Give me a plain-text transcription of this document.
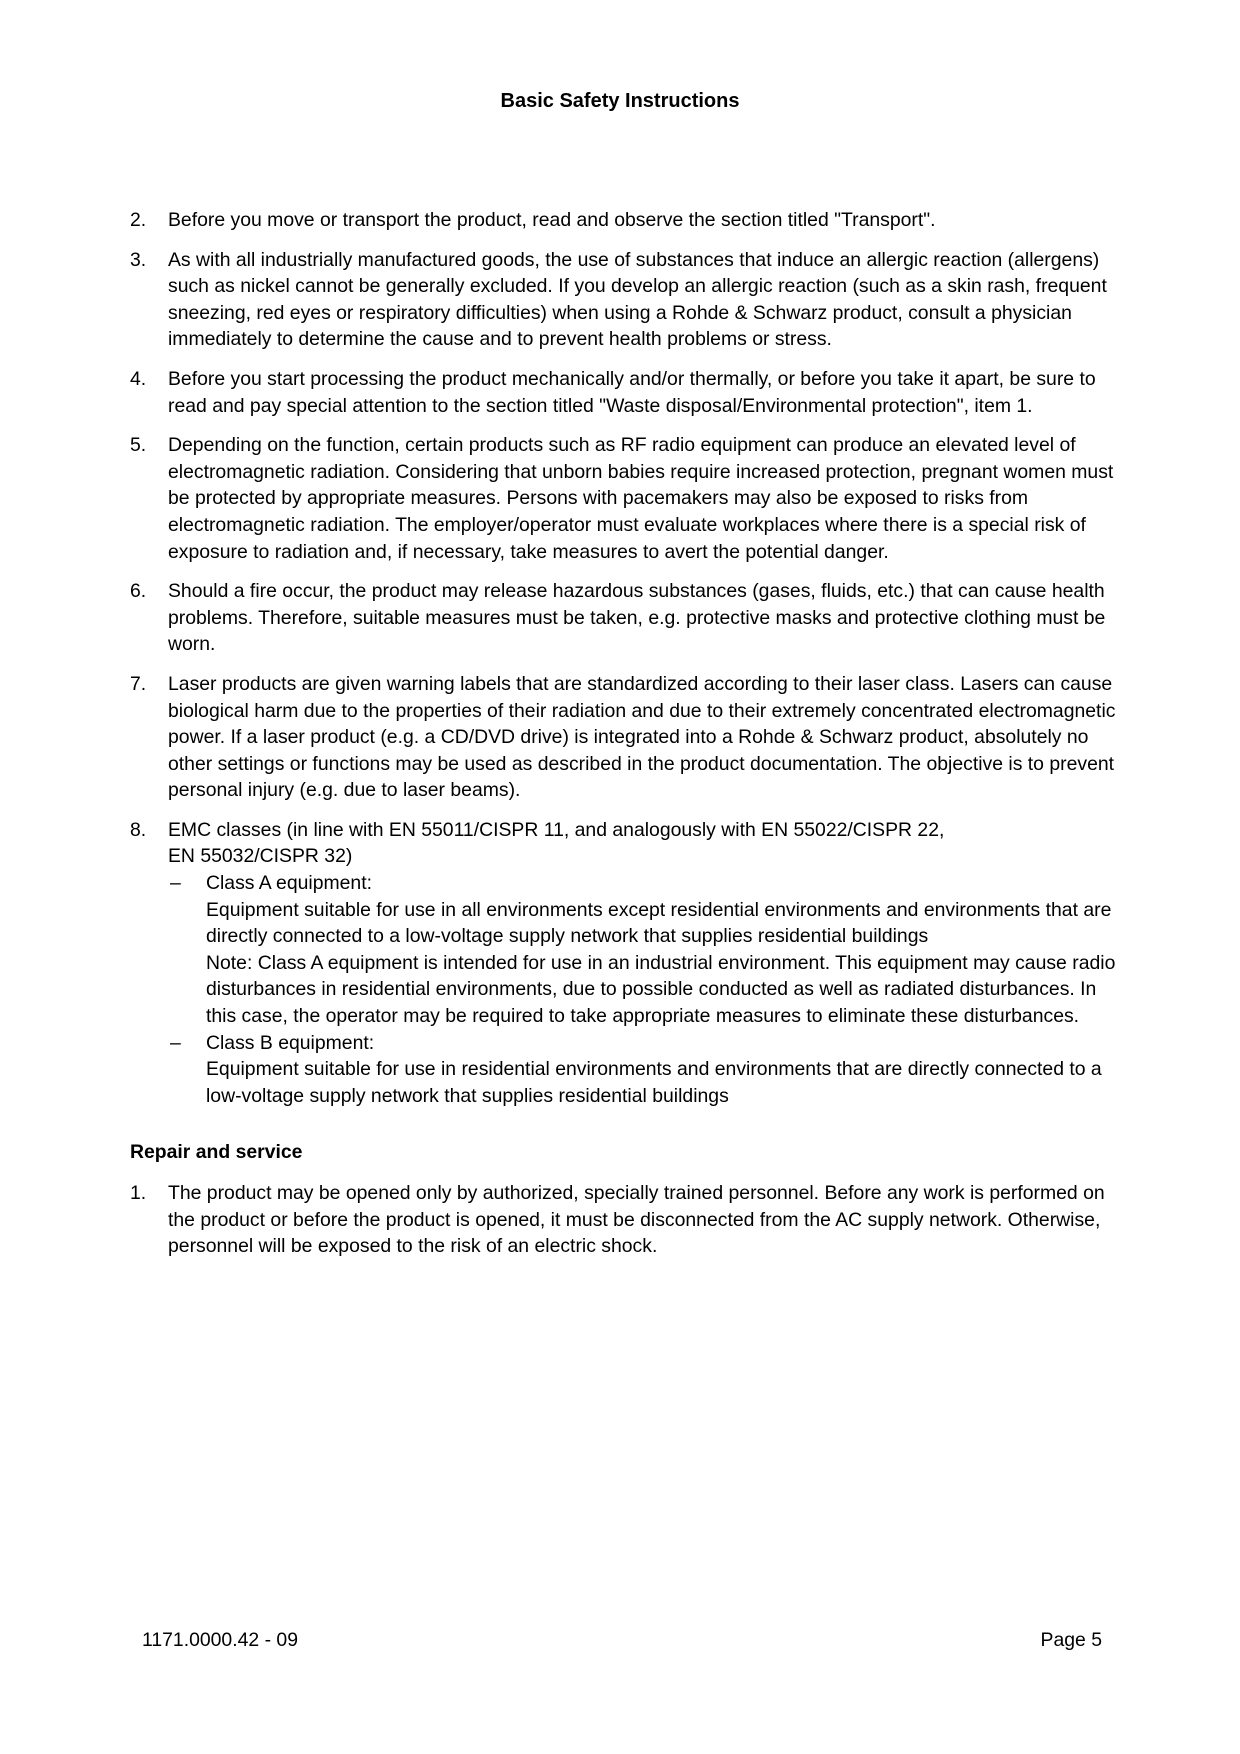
Basic Safety Instructions
2. Before you move or transport the product, read and observe the section titled "Transport".
3. As with all industrially manufactured goods, the use of substances that induce an allergic reaction (allergens) such as nickel cannot be generally excluded. If you develop an allergic reaction (such as a skin rash, frequent sneezing, red eyes or respiratory difficulties) when using a Rohde & Schwarz product, consult a physician immediately to determine the cause and to prevent health problems or stress.
4. Before you start processing the product mechanically and/or thermally, or before you take it apart, be sure to read and pay special attention to the section titled "Waste disposal/Environmental protection", item 1.
5. Depending on the function, certain products such as RF radio equipment can produce an elevated level of electromagnetic radiation. Considering that unborn babies require increased protection, pregnant women must be protected by appropriate measures. Persons with pacemakers may also be exposed to risks from electromagnetic radiation. The employer/operator must evaluate workplaces where there is a special risk of exposure to radiation and, if necessary, take measures to avert the potential danger.
6. Should a fire occur, the product may release hazardous substances (gases, fluids, etc.) that can cause health problems. Therefore, suitable measures must be taken, e.g. protective masks and protective clothing must be worn.
7. Laser products are given warning labels that are standardized according to their laser class. Lasers can cause biological harm due to the properties of their radiation and due to their extremely concentrated electromagnetic power. If a laser product (e.g. a CD/DVD drive) is integrated into a Rohde & Schwarz product, absolutely no other settings or functions may be used as described in the product documentation. The objective is to prevent personal injury (e.g. due to laser beams).
8. EMC classes (in line with EN 55011/CISPR 11, and analogously with EN 55022/CISPR 22,
EN 55032/CISPR 32)
– Class A equipment:
Equipment suitable for use in all environments except residential environments and environments that are directly connected to a low-voltage supply network that supplies residential buildings
Note: Class A equipment is intended for use in an industrial environment. This equipment may cause radio disturbances in residential environments, due to possible conducted as well as radiated disturbances. In this case, the operator may be required to take appropriate measures to eliminate these disturbances.
– Class B equipment:
Equipment suitable for use in residential environments and environments that are directly connected to a low-voltage supply network that supplies residential buildings
Repair and service
1. The product may be opened only by authorized, specially trained personnel. Before any work is performed on the product or before the product is opened, it must be disconnected from the AC supply network. Otherwise, personnel will be exposed to the risk of an electric shock.
1171.0000.42 - 09	Page 5
